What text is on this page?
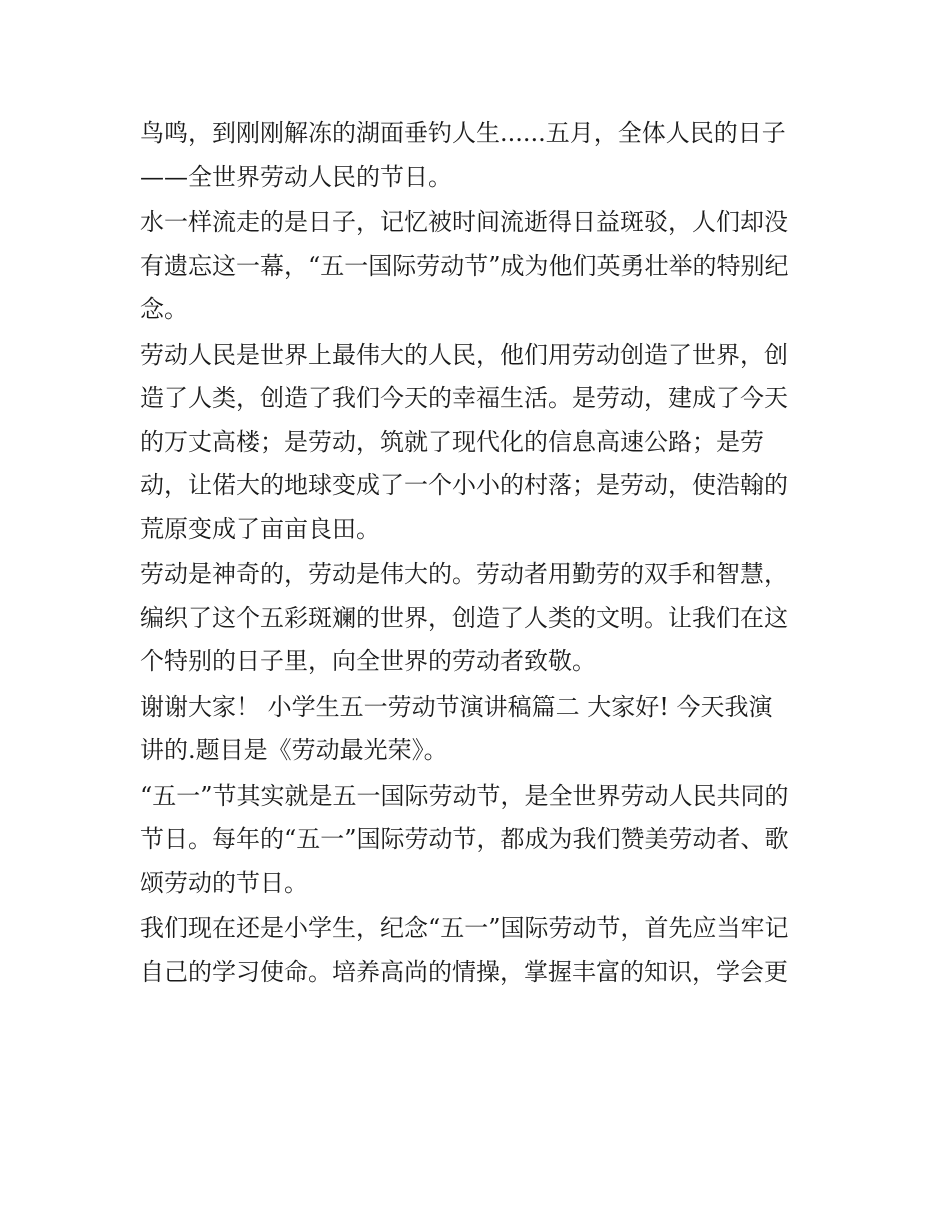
鸟鸣，到刚刚解冻的湖面垂钓人生......五月，全体人民的日子

——全世界劳动人民的节日。

水一样流走的是日子，记忆被时间流逝得日益斑驳，人们却没

有遗忘这一幕，“五一国际劳动节”成为他们英勇壮举的特别纪

念。

劳动人民是世界上最伟大的人民，他们用劳动创造了世界，创

造了人类，创造了我们今天的幸福生活。是劳动，建成了今天

的万丈高楼；是劳动，筑就了现代化的信息高速公路；是劳

动，让偌大的地球变成了一个小小的村落；是劳动，使浩翰的

荒原变成了亩亩良田。

劳动是神奇的，劳动是伟大的。劳动者用勤劳的双手和智慧，

编织了这个五彩斑斓的世界，创造了人类的文明。让我们在这

个特别的日子里，向全世界的劳动者致敬。

谢谢大家！ 小学生五一劳动节演讲稿篇二 大家好! 今天我演

讲的.题目是《劳动最光荣》。

“五一”节其实就是五一国际劳动节，是全世界劳动人民共同的

节日。每年的“五一”国际劳动节，都成为我们赞美劳动者、歌

颂劳动的节日。

我们现在还是小学生，纪念“五一”国际劳动节，首先应当牢记

自己的学习使命。培养高尚的情操，掌握丰富的知识，学会更
